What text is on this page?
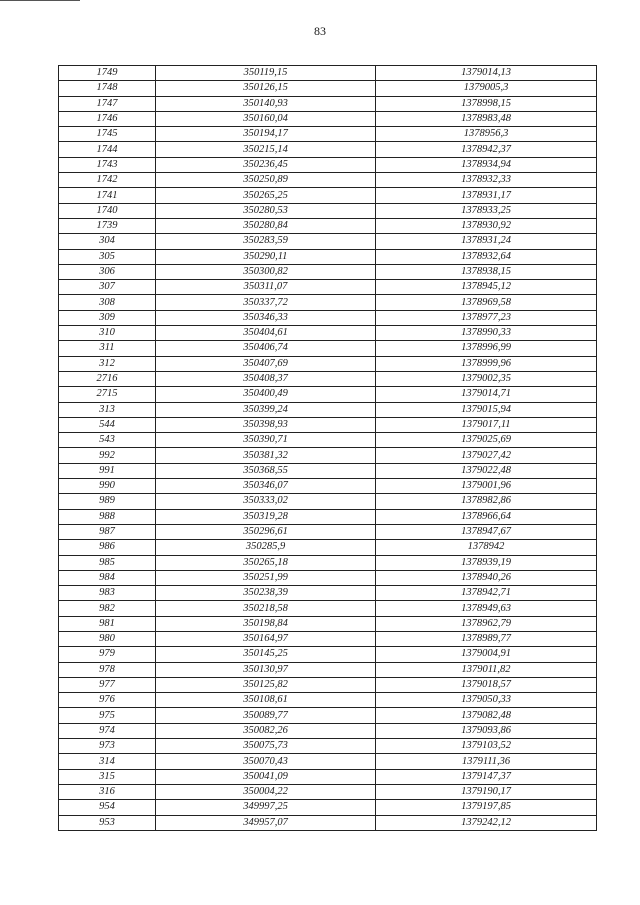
83
1749	350119,15	1379014,13
1748	350126,15	1379005,3
1747	350140,93	1378998,15
1746	350160,04	1378983,48
1745	350194,17	1378956,3
1744	350215,14	1378942,37
1743	350236,45	1378934,94
1742	350250,89	1378932,33
1741	350265,25	1378931,17
1740	350280,53	1378933,25
1739	350280,84	1378930,92
304	350283,59	1378931,24
305	350290,11	1378932,64
306	350300,82	1378938,15
307	350311,07	1378945,12
308	350337,72	1378969,58
309	350346,33	1378977,23
310	350404,61	1378990,33
311	350406,74	1378996,99
312	350407,69	1378999,96
2716	350408,37	1379002,35
2715	350400,49	1379014,71
313	350399,24	1379015,94
544	350398,93	1379017,11
543	350390,71	1379025,69
992	350381,32	1379027,42
991	350368,55	1379022,48
990	350346,07	1379001,96
989	350333,02	1378982,86
988	350319,28	1378966,64
987	350296,61	1378947,67
986	350285,9	1378942
985	350265,18	1378939,19
984	350251,99	1378940,26
983	350238,39	1378942,71
982	350218,58	1378949,63
981	350198,84	1378962,79
980	350164,97	1378989,77
979	350145,25	1379004,91
978	350130,97	1379011,82
977	350125,82	1379018,57
976	350108,61	1379050,33
975	350089,77	1379082,48
974	350082,26	1379093,86
973	350075,73	1379103,52
314	350070,43	1379111,36
315	350041,09	1379147,37
316	350004,22	1379190,17
954	349997,25	1379197,85
953	349957,07	1379242,12
